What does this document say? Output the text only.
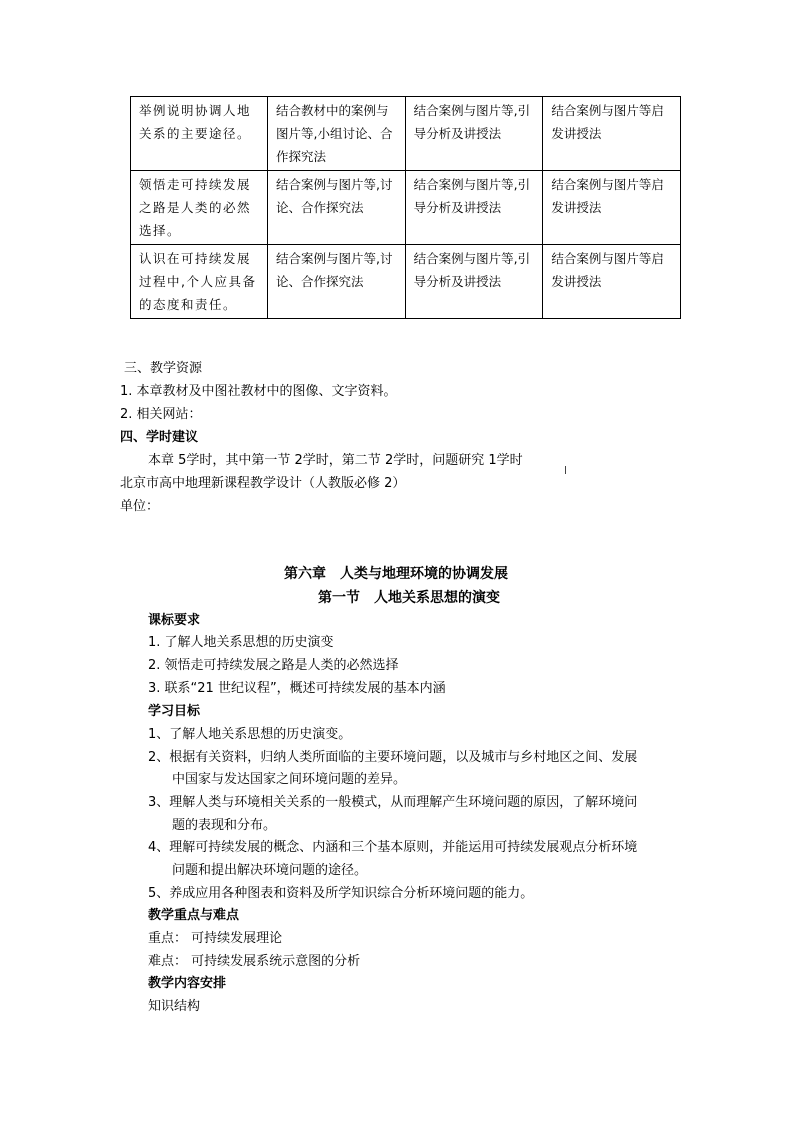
举例说明协调人地关系的主要途径。	结合教材中的案例与图片等,小组讨论、合作探究法	结合案例与图片等,引导分析及讲授法	结合案例与图片等启发讲授法
领悟走可持续发展之路是人类的必然选择。	结合案例与图片等,讨论、合作探究法	结合案例与图片等,引导分析及讲授法	结合案例与图片等启发讲授法
认识在可持续发展过程中,个人应具备的态度和责任。	结合案例与图片等,讨论、合作探究法	结合案例与图片等,引导分析及讲授法	结合案例与图片等启发讲授法
三、教学资源
1. 本章教材及中图社教材中的图像、文字资料。
2. 相关网站：
四、学时建议
本章 5学时，其中第一节 2学时，第二节 2学时，问题研究 1学时
北京市高中地理新课程教学设计（人教版必修 2）
单位：
第六章　人类与地理环境的协调发展
第一节　人地关系思想的演变
课标要求
1. 了解人地关系思想的历史演变
2. 领悟走可持续发展之路是人类的必然选择
3. 联系“21 世纪议程”，概述可持续发展的基本内涵
学习目标
1、了解人地关系思想的历史演变。
2、根据有关资料，归纳人类所面临的主要环境问题，以及城市与乡村地区之间、发展
中国家与发达国家之间环境问题的差异。
3、理解人类与环境相关关系的一般模式，从而理解产生环境问题的原因，了解环境问
题的表现和分布。
4、理解可持续发展的概念、内涵和三个基本原则，并能运用可持续发展观点分析环境
问题和提出解决环境问题的途径。
5、养成应用各种图表和资料及所学知识综合分析环境问题的能力。
教学重点与难点
重点： 可持续发展理论
难点： 可持续发展系统示意图的分析
教学内容安排
知识结构
